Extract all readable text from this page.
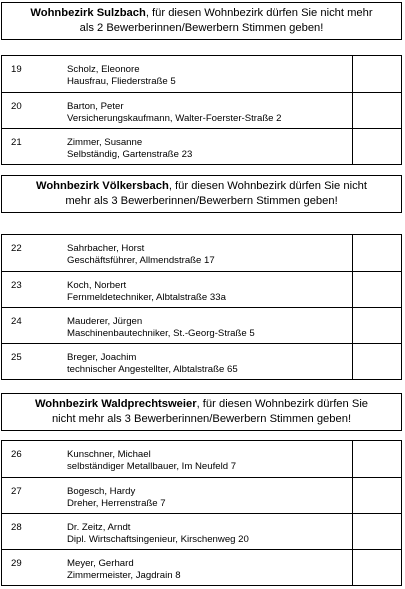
Wohnbezirk Sulzbach, für diesen Wohnbezirk dürfen Sie nicht mehr
als 2 Bewerberinnen/Bewerbern Stimmen geben!
19	Scholz, Eleonore
Hausfrau, Fliederstraße 5
20	Barton, Peter
Versicherungskaufmann, Walter-Foerster-Straße 2
21	Zimmer, Susanne
Selbständig, Gartenstraße 23
Wohnbezirk Völkersbach, für diesen Wohnbezirk dürfen Sie nicht
mehr als 3 Bewerberinnen/Bewerbern Stimmen geben!
22	Sahrbacher, Horst
Geschäftsführer, Allmendstraße 17
23	Koch, Norbert
Fernmeldetechniker, Albtalstraße 33a
24	Mauderer, Jürgen
Maschinenbautechniker, St.-Georg-Straße 5
25	Breger, Joachim
technischer Angestellter, Albtalstraße 65
Wohnbezirk Waldprechtsweier, für diesen Wohnbezirk dürfen Sie
nicht mehr als 3 Bewerberinnen/Bewerbern Stimmen geben!
26	Kunschner, Michael
selbständiger Metallbauer, Im Neufeld 7
27	Bogesch, Hardy
Dreher, Herrenstraße 7
28	Dr. Zeitz, Arndt
Dipl. Wirtschaftsingenieur, Kirschenweg 20
29	Meyer, Gerhard
Zimmermeister, Jagdrain 8
